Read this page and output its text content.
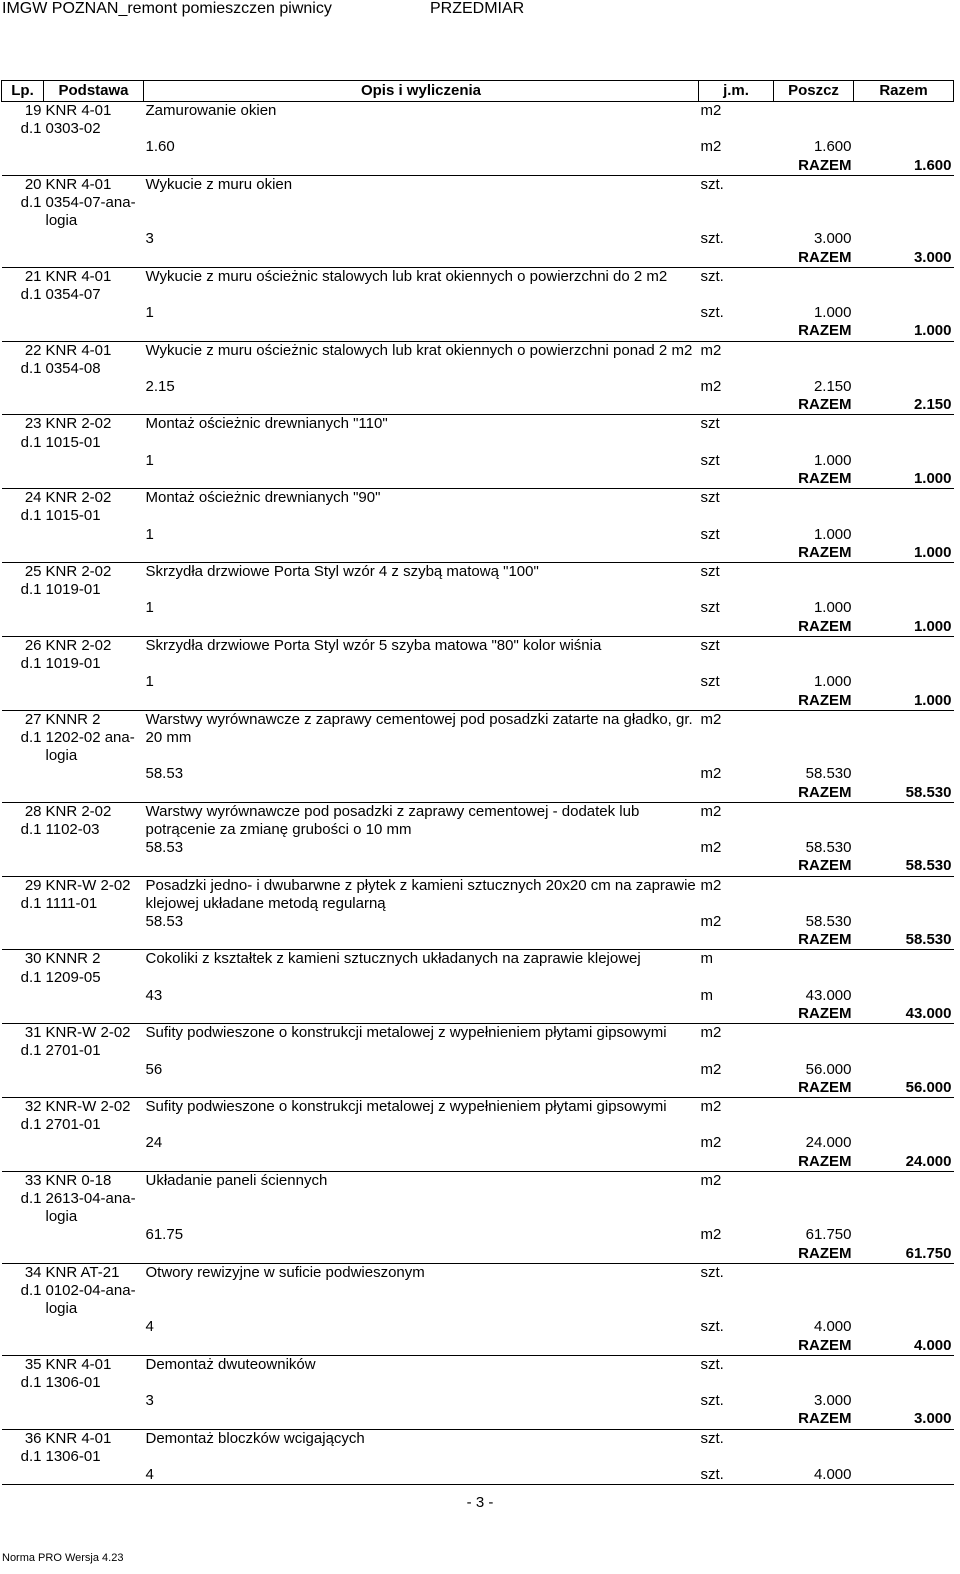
IMGW POZNAN_remont pomieszczen piwnicy	PRZEDMIAR
Lp.	Podstawa	Opis i wyliczenia	j.m.	Poszcz	Razem
19	KNR 4-01	Zamurowanie okien	m2		
d.1	0303-02				
		1.60	m2	1.600	
				RAZEM	1.600
20	KNR 4-01	Wykucie z muru okien	szt.		
d.1	0354-07-ana-				
	logia				
		3	szt.	3.000	
				RAZEM	3.000
21	KNR 4-01	Wykucie z muru ościeżnic stalowych lub krat okiennych o powierzchni do 2 m2	szt.		
d.1	0354-07				
		1	szt.	1.000	
				RAZEM	1.000
22	KNR 4-01	Wykucie z muru ościeżnic stalowych lub krat okiennych o powierzchni ponad 2 m2	m2		
d.1	0354-08				
		2.15	m2	2.150	
				RAZEM	2.150
23	KNR 2-02	Montaż ościeżnic drewnianych "110"	szt		
d.1	1015-01				
		1	szt	1.000	
				RAZEM	1.000
24	KNR 2-02	Montaż ościeżnic drewnianych "90"	szt		
d.1	1015-01				
		1	szt	1.000	
				RAZEM	1.000
25	KNR 2-02	Skrzydła drzwiowe Porta Styl wzór 4 z szybą matową "100"	szt		
d.1	1019-01				
		1	szt	1.000	
				RAZEM	1.000
26	KNR 2-02	Skrzydła drzwiowe Porta Styl wzór 5 szyba matowa "80" kolor wiśnia	szt		
d.1	1019-01				
		1	szt	1.000	
				RAZEM	1.000
27	KNNR 2	Warstwy wyrównawcze z zaprawy cementowej pod posadzki zatarte na gładko, gr. 20 mm	m2		
d.1	1202-02 ana-				
	logia				
		58.53	m2	58.530	
				RAZEM	58.530
28	KNR 2-02	Warstwy wyrównawcze pod posadzki z zaprawy cementowej - dodatek lub potrącenie za zmianę grubości o 10 mm	m2		
d.1	1102-03				
		58.53	m2	58.530	
				RAZEM	58.530
29	KNR-W 2-02	Posadzki jedno- i dwubarwne z płytek z kamieni sztucznych 20x20 cm na zaprawie klejowej układane metodą regularną	m2		
d.1	1111-01				
		58.53	m2	58.530	
				RAZEM	58.530
30	KNNR 2	Cokoliki z kształtek z kamieni sztucznych układanych na zaprawie klejowej	m		
d.1	1209-05				
		43	m	43.000	
				RAZEM	43.000
31	KNR-W 2-02	Sufity podwieszone o konstrukcji metalowej z wypełnieniem płytami gipsowymi	m2		
d.1	2701-01				
		56	m2	56.000	
				RAZEM	56.000
32	KNR-W 2-02	Sufity podwieszone o konstrukcji metalowej z wypełnieniem płytami gipsowymi	m2		
d.1	2701-01				
		24	m2	24.000	
				RAZEM	24.000
33	KNR 0-18	Układanie paneli ściennych	m2		
d.1	2613-04-ana-				
	logia				
		61.75	m2	61.750	
				RAZEM	61.750
34	KNR AT-21	Otwory rewizyjne w suficie podwieszonym	szt.		
d.1	0102-04-ana-				
	logia				
		4	szt.	4.000	
				RAZEM	4.000
35	KNR 4-01	Demontaż dwuteowników	szt.		
d.1	1306-01				
		3	szt.	3.000	
				RAZEM	3.000
36	KNR 4-01	Demontaż bloczków wcigających	szt.		
d.1	1306-01				
		4	szt.	4.000	

- 3 -
Norma PRO Wersja 4.23
